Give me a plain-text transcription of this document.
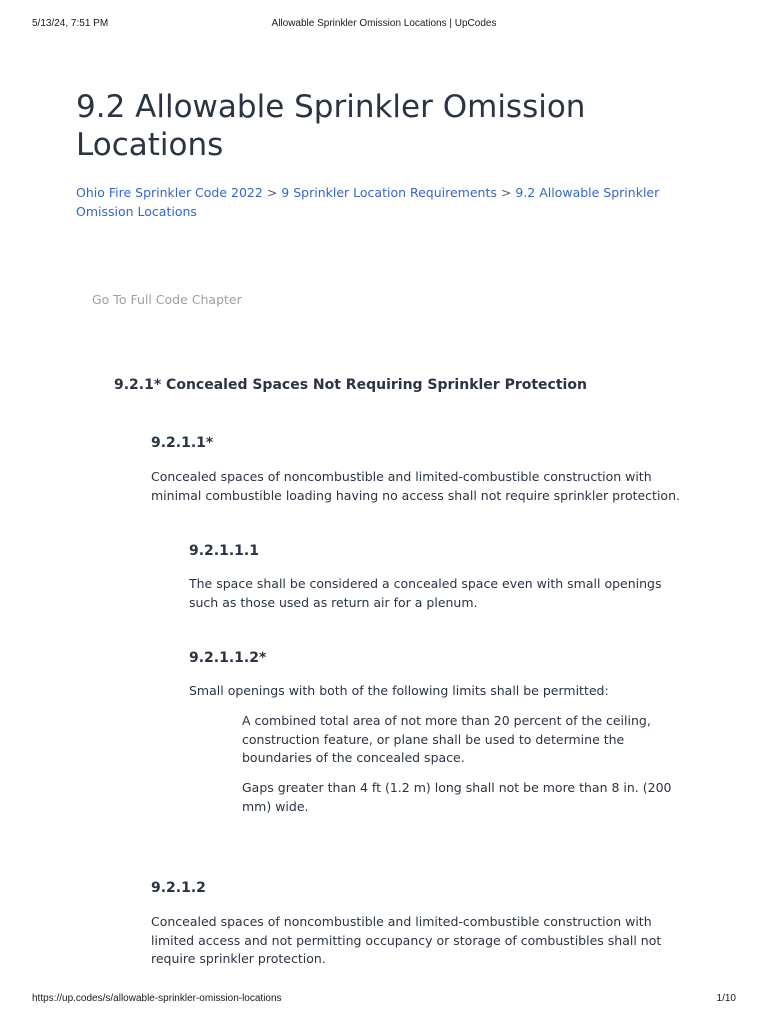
5/13/24, 7:51 PM	Allowable Sprinkler Omission Locations | UpCodes
9.2 Allowable Sprinkler Omission Locations
Ohio Fire Sprinkler Code 2022 > 9 Sprinkler Location Requirements > 9.2 Allowable Sprinkler Omission Locations
Go To Full Code Chapter
9.2.1* Concealed Spaces Not Requiring Sprinkler Protection
9.2.1.1*

Concealed spaces of noncombustible and limited-combustible construction with minimal combustible loading having no access shall not require sprinkler protection.

9.2.1.1.1

The space shall be considered a concealed space even with small openings such as those used as return air for a plenum.

9.2.1.1.2*

Small openings with both of the following limits shall be permitted:

A combined total area of not more than 20 percent of the ceiling, construction feature, or plane shall be used to determine the boundaries of the concealed space.

Gaps greater than 4 ft (1.2 m) long shall not be more than 8 in. (200 mm) wide.

9.2.1.2

Concealed spaces of noncombustible and limited-combustible construction with limited access and not permitting occupancy or storage of combustibles shall not require sprinkler protection.

https://up.codes/s/allowable-sprinkler-omission-locations	1/10
